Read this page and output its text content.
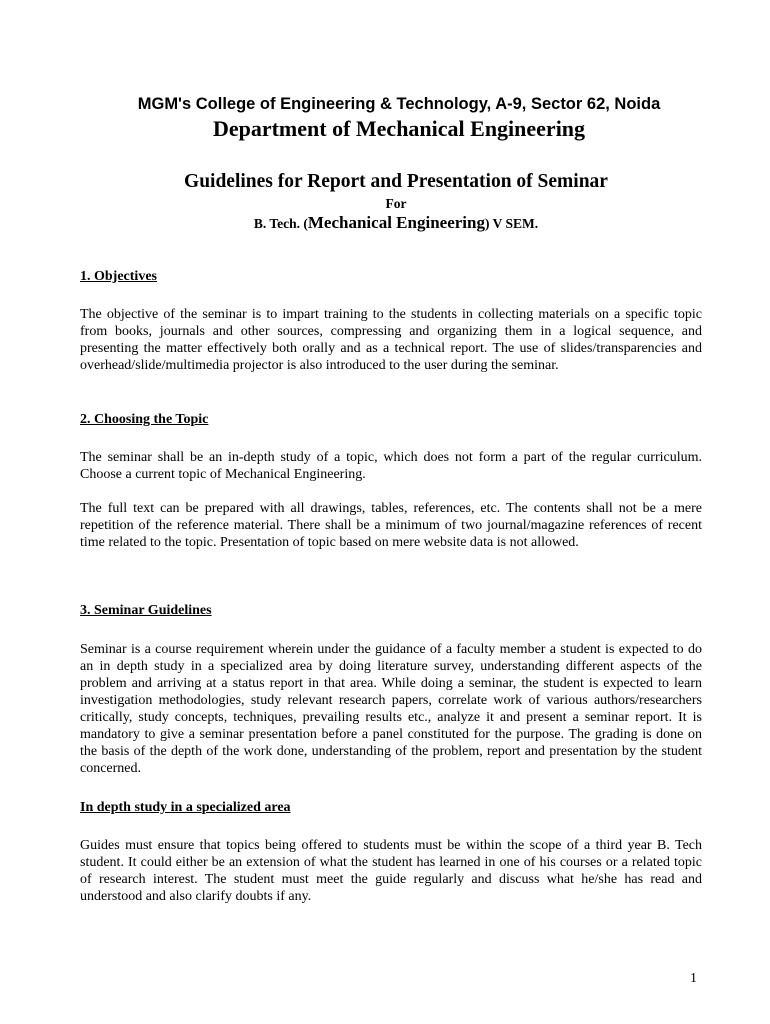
MGM's College of Engineering & Technology, A-9, Sector 62, Noida
Department of Mechanical Engineering
Guidelines for Report and Presentation of Seminar
For
B. Tech. (Mechanical Engineering) V SEM.
1. Objectives
The objective of the seminar is to impart training to the students in collecting materials on a specific topic from books, journals and other sources, compressing and organizing them in a logical sequence, and presenting the matter effectively both orally and as a technical report. The use of slides/transparencies and overhead/slide/multimedia projector is also introduced to the user during the seminar.
2. Choosing the Topic
The seminar shall be an in-depth study of a topic, which does not form a part of the regular curriculum. Choose a current topic of Mechanical Engineering.
The full text can be prepared with all drawings, tables, references, etc. The contents shall not be a mere repetition of the reference material. There shall be a minimum of two journal/magazine references of recent time related to the topic. Presentation of topic based on mere website data is not allowed.
3. Seminar Guidelines
Seminar is a course requirement wherein under the guidance of a faculty member a student is expected to do an in depth study in a specialized area by doing literature survey, understanding different aspects of the problem and arriving at a status report in that area. While doing a seminar, the student is expected to learn investigation methodologies, study relevant research papers, correlate work of various authors/researchers critically, study concepts, techniques, prevailing results etc., analyze it and present a seminar report. It is mandatory to give a seminar presentation before a panel constituted for the purpose. The grading is done on the basis of the depth of the work done, understanding of the problem, report and presentation by the student concerned.
In depth study in a specialized area
Guides must ensure that topics being offered to students must be within the scope of a third year B. Tech student. It could either be an extension of what the student has learned in one of his courses or a related topic of research interest. The student must meet the guide regularly and discuss what he/she has read and understood and also clarify doubts if any.
1
